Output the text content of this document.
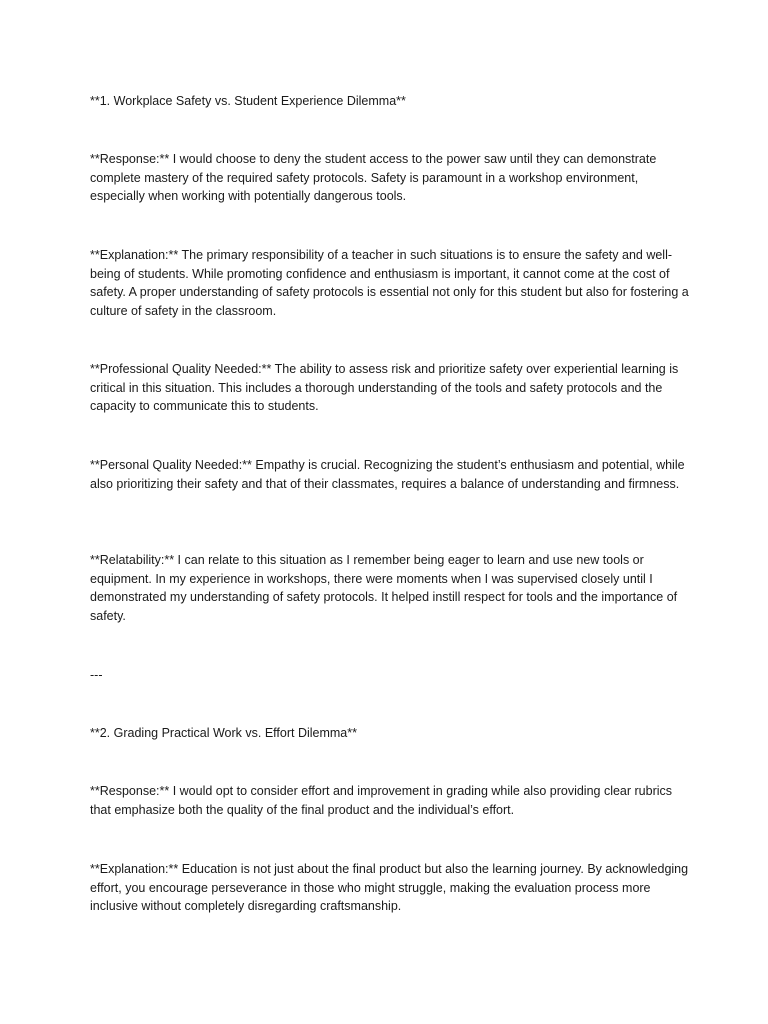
**1. Workplace Safety vs. Student Experience Dilemma**

**Response:** I would choose to deny the student access to the power saw until they can demonstrate complete mastery of the required safety protocols. Safety is paramount in a workshop environment, especially when working with potentially dangerous tools.

**Explanation:** The primary responsibility of a teacher in such situations is to ensure the safety and well-being of students. While promoting confidence and enthusiasm is important, it cannot come at the cost of safety. A proper understanding of safety protocols is essential not only for this student but also for fostering a culture of safety in the classroom.

**Professional Quality Needed:** The ability to assess risk and prioritize safety over experiential learning is critical in this situation. This includes a thorough understanding of the tools and safety protocols and the capacity to communicate this to students.

**Personal Quality Needed:** Empathy is crucial. Recognizing the student’s enthusiasm and potential, while also prioritizing their safety and that of their classmates, requires a balance of understanding and firmness.

**Relatability:** I can relate to this situation as I remember being eager to learn and use new tools or equipment. In my experience in workshops, there were moments when I was supervised closely until I demonstrated my understanding of safety protocols. It helped instill respect for tools and the importance of safety.

---

**2. Grading Practical Work vs. Effort Dilemma**

**Response:** I would opt to consider effort and improvement in grading while also providing clear rubrics that emphasize both the quality of the final product and the individual’s effort.

**Explanation:** Education is not just about the final product but also the learning journey. By acknowledging effort, you encourage perseverance in those who might struggle, making the evaluation process more inclusive without completely disregarding craftsmanship.
